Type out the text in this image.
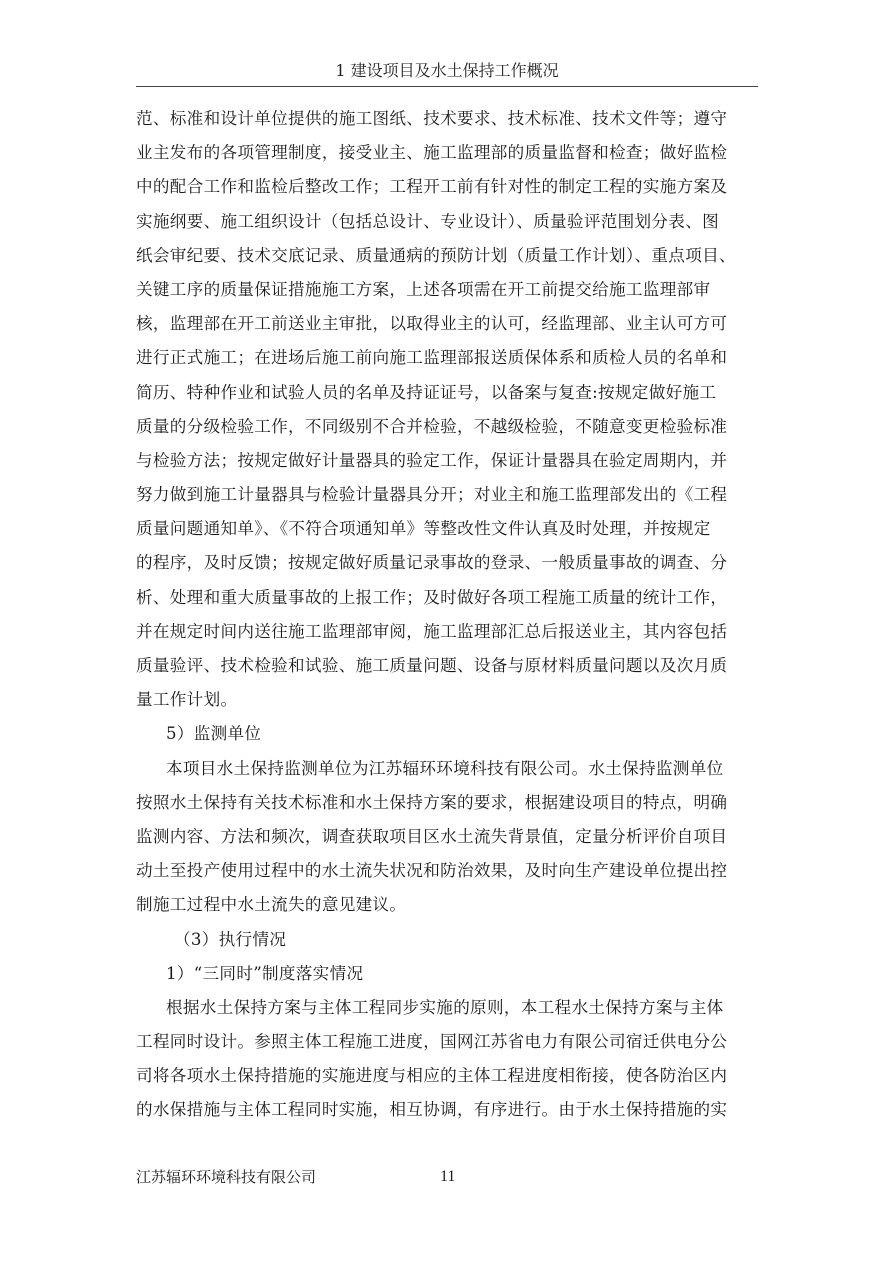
1 建设项目及水土保持工作概况
范、标准和设计单位提供的施工图纸、技术要求、技术标准、技术文件等；遵守
业主发布的各项管理制度，接受业主、施工监理部的质量监督和检查；做好监检
中的配合工作和监检后整改工作；工程开工前有针对性的制定工程的实施方案及
实施纲要、施工组织设计（包括总设计、专业设计）、质量验评范围划分表、图
纸会审纪要、技术交底记录、质量通病的预防计划（质量工作计划）、重点项目、
关键工序的质量保证措施施工方案，上述各项需在开工前提交给施工监理部审
核，监理部在开工前送业主审批，以取得业主的认可，经监理部、业主认可方可
进行正式施工；在进场后施工前向施工监理部报送质保体系和质检人员的名单和
简历、特种作业和试验人员的名单及持证证号，以备案与复查:按规定做好施工
质量的分级检验工作，不同级别不合并检验，不越级检验，不随意变更检验标准
与检验方法；按规定做好计量器具的验定工作，保证计量器具在验定周期内，并
努力做到施工计量器具与检验计量器具分开；对业主和施工监理部发出的《工程
质量问题通知单》、《不符合项通知单》等整改性文件认真及时处理，并按规定
的程序，及时反馈；按规定做好质量记录事故的登录、一般质量事故的调查、分
析、处理和重大质量事故的上报工作；及时做好各项工程施工质量的统计工作，
并在规定时间内送往施工监理部审阅，施工监理部汇总后报送业主，其内容包括
质量验评、技术检验和试验、施工质量问题、设备与原材料质量问题以及次月质
量工作计划。
5）监测单位
本项目水土保持监测单位为江苏辐环环境科技有限公司。水土保持监测单位
按照水土保持有关技术标准和水土保持方案的要求，根据建设项目的特点，明确
监测内容、方法和频次，调查获取项目区水土流失背景值，定量分析评价自项目
动土至投产使用过程中的水土流失状况和防治效果，及时向生产建设单位提出控
制施工过程中水土流失的意见建议。
（3）执行情况
1）“三同时”制度落实情况
根据水土保持方案与主体工程同步实施的原则，本工程水土保持方案与主体
工程同时设计。参照主体工程施工进度，国网江苏省电力有限公司宿迁供电分公
司将各项水土保持措施的实施进度与相应的主体工程进度相衔接，使各防治区内
的水保措施与主体工程同时实施，相互协调，有序进行。由于水土保持措施的实
江苏辐环环境科技有限公司	11
